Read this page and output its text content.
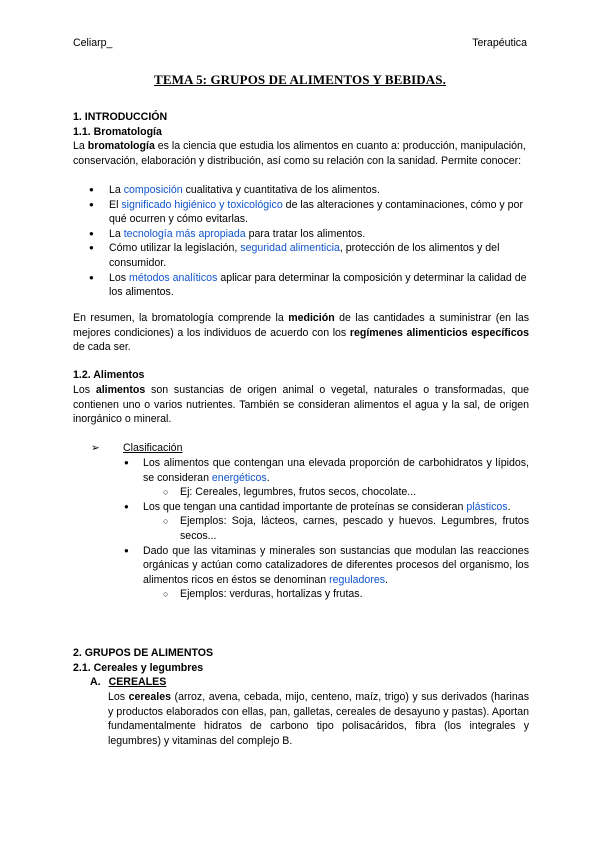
Celiarp_	Terapéutica
TEMA 5: GRUPOS DE ALIMENTOS Y BEBIDAS.
1. INTRODUCCIÓN
1.1. Bromatología
La bromatología es la ciencia que estudia los alimentos en cuanto a: producción, manipulación, conservación, elaboración y distribución, así como su relación con la sanidad. Permite conocer:
● La composición cualitativa y cuantitativa de los alimentos.
● El significado higiénico y toxicológico de las alteraciones y contaminaciones, cómo y por qué ocurren y cómo evitarlas.
● La tecnología más apropiada para tratar los alimentos.
● Cómo utilizar la legislación, seguridad alimenticia, protección de los alimentos y del consumidor.
● Los métodos analíticos aplicar para determinar la composición y determinar la calidad de los alimentos.
En resumen, la bromatología comprende la medición de las cantidades a suministrar (en las mejores condiciones) a los individuos de acuerdo con los regímenes alimenticios específicos de cada ser.
1.2. Alimentos
Los alimentos son sustancias de origen animal o vegetal, naturales o transformadas, que contienen uno o varios nutrientes. También se consideran alimentos el agua y la sal, de origen inorgánico o mineral.
➢ Clasificación
● Los alimentos que contengan una elevada proporción de carbohidratos y lípidos, se consideran energéticos.
○ Ej: Cereales, legumbres, frutos secos, chocolate...
● Los que tengan una cantidad importante de proteínas se consideran plásticos.
○ Ejemplos: Soja, lácteos, carnes, pescado y huevos. Legumbres, frutos secos...
● Dado que las vitaminas y minerales son sustancias que modulan las reacciones orgánicas y actúan como catalizadores de diferentes procesos del organismo, los alimentos ricos en éstos se denominan reguladores.
○ Ejemplos: verduras, hortalizas y frutas.
2. GRUPOS DE ALIMENTOS
2.1. Cereales y legumbres
A. CEREALES
Los cereales (arroz, avena, cebada, mijo, centeno, maíz, trigo) y sus derivados (harinas y productos elaborados con ellas, pan, galletas, cereales de desayuno y pastas). Aportan fundamentalmente hidratos de carbono tipo polisacáridos, fibra (los integrales y legumbres) y vitaminas del complejo B.
